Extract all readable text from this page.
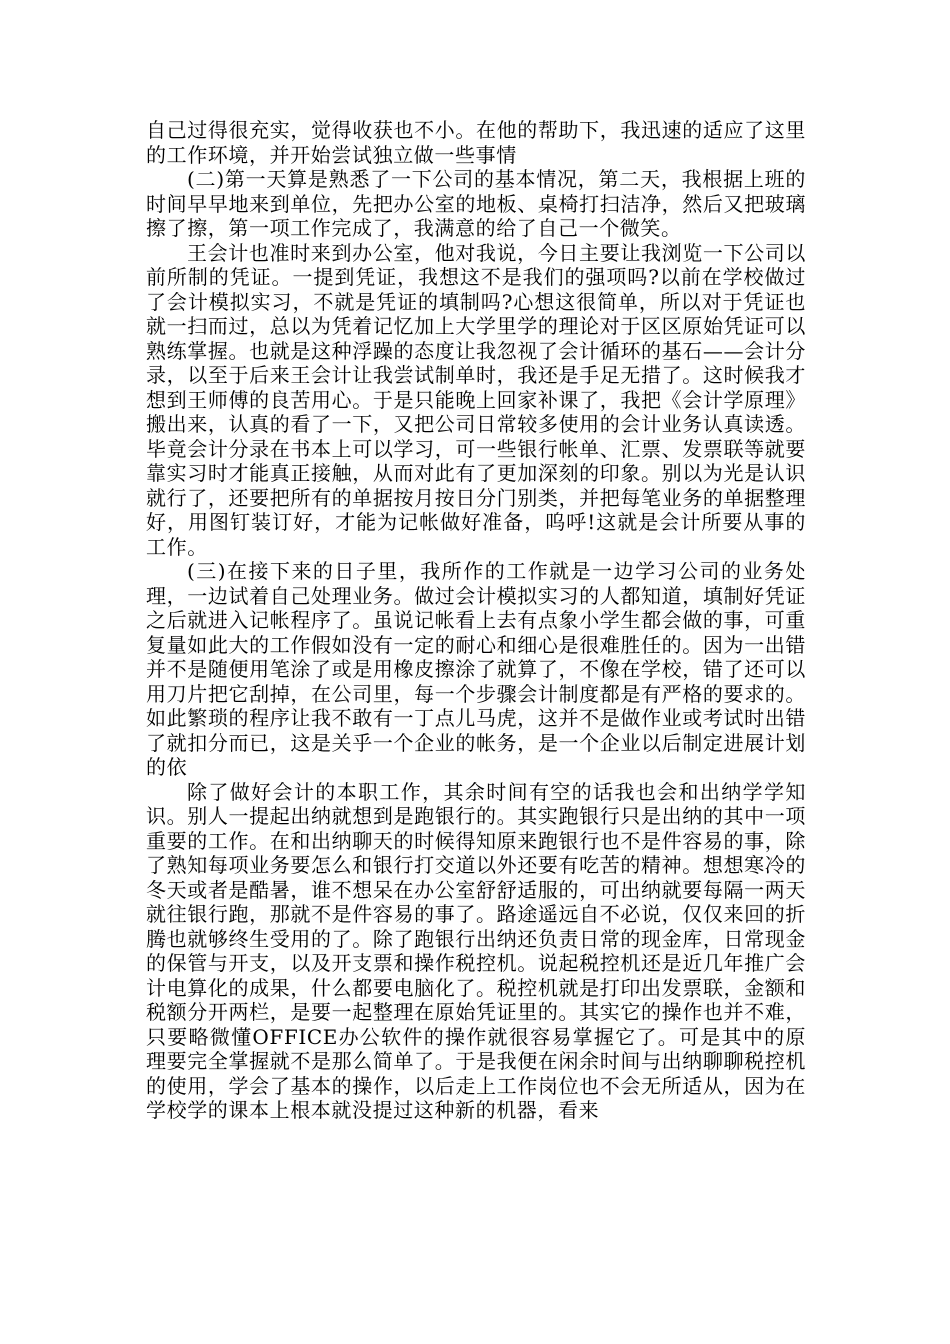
自己过得很充实，觉得收获也不小。在他的帮助下，我迅速的适应了这里的工作环境，并开始尝试独立做一些事情

(二)第一天算是熟悉了一下公司的基本情况，第二天，我根据上班的时间早早地来到单位，先把办公室的地板、桌椅打扫洁净，然后又把玻璃擦了擦，第一项工作完成了，我满意的给了自己一个微笑。

王会计也准时来到办公室，他对我说，今日主要让我浏览一下公司以前所制的凭证。一提到凭证，我想这不是我们的强项吗?以前在学校做过了会计模拟实习，不就是凭证的填制吗?心想这很简单，所以对于凭证也就一扫而过，总以为凭着记忆加上大学里学的理论对于区区原始凭证可以熟练掌握。也就是这种浮躁的态度让我忽视了会计循环的基石——会计分录，以至于后来王会计让我尝试制单时，我还是手足无措了。这时候我才想到王师傅的良苦用心。于是只能晚上回家补课了，我把《会计学原理》搬出来，认真的看了一下，又把公司日常较多使用的会计业务认真读透。毕竟会计分录在书本上可以学习，可一些银行帐单、汇票、发票联等就要靠实习时才能真正接触，从而对此有了更加深刻的印象。别以为光是认识就行了，还要把所有的单据按月按日分门别类，并把每笔业务的单据整理好，用图钉装订好，才能为记帐做好准备，呜呼!这就是会计所要从事的工作。

(三)在接下来的日子里，我所作的工作就是一边学习公司的业务处理，一边试着自己处理业务。做过会计模拟实习的人都知道，填制好凭证之后就进入记帐程序了。虽说记帐看上去有点象小学生都会做的事，可重复量如此大的工作假如没有一定的耐心和细心是很难胜任的。因为一出错并不是随便用笔涂了或是用橡皮擦涂了就算了，不像在学校，错了还可以用刀片把它刮掉，在公司里，每一个步骤会计制度都是有严格的要求的。如此繁琐的程序让我不敢有一丁点儿马虎，这并不是做作业或考试时出错了就扣分而已，这是关乎一个企业的帐务，是一个企业以后制定进展计划的依

除了做好会计的本职工作，其余时间有空的话我也会和出纳学学知识。别人一提起出纳就想到是跑银行的。其实跑银行只是出纳的其中一项重要的工作。在和出纳聊天的时候得知原来跑银行也不是件容易的事，除了熟知每项业务要怎么和银行打交道以外还要有吃苦的精神。想想寒冷的冬天或者是酷暑，谁不想呆在办公室舒舒适服的，可出纳就要每隔一两天就往银行跑，那就不是件容易的事了。路途遥远自不必说，仅仅来回的折腾也就够终生受用的了。除了跑银行出纳还负责日常的现金库，日常现金的保管与开支，以及开支票和操作税控机。说起税控机还是近几年推广会计电算化的成果，什么都要电脑化了。税控机就是打印出发票联，金额和税额分开两栏，是要一起整理在原始凭证里的。其实它的操作也并不难，只要略微懂OFFICE办公软件的操作就很容易掌握它了。可是其中的原理要完全掌握就不是那么简单了。于是我便在闲余时间与出纳聊聊税控机的使用，学会了基本的操作，以后走上工作岗位也不会无所适从，因为在学校学的课本上根本就没提过这种新的机器，看来
